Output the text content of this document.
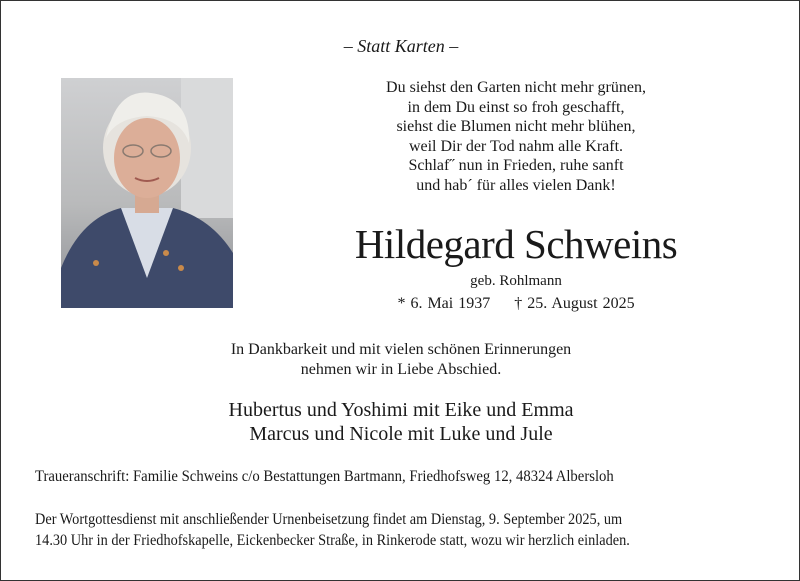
– Statt Karten –
Du siehst den Garten nicht mehr grünen,
in dem Du einst so froh geschafft,
siehst die Blumen nicht mehr blühen,
weil Dir der Tod nahm alle Kraft.
Schlaf˝ nun in Frieden, ruhe sanft
und hab´ für alles vielen Dank!
Hildegard Schweins
geb. Rohlmann
* 6. Mai 1937 † 25. August 2025
In Dankbarkeit und mit vielen schönen Erinnerungen
nehmen wir in Liebe Abschied.
Hubertus und Yoshimi mit Eike und Emma
Marcus und Nicole mit Luke und Jule
Traueranschrift: Familie Schweins c/o Bestattungen Bartmann, Friedhofsweg 12, 48324 Albersloh
Der Wortgottesdienst mit anschließender Urnenbeisetzung findet am Dienstag, 9. September 2025, um
14.30 Uhr in der Friedhofskapelle, Eickenbecker Straße, in Rinkerode statt, wozu wir herzlich einladen.
